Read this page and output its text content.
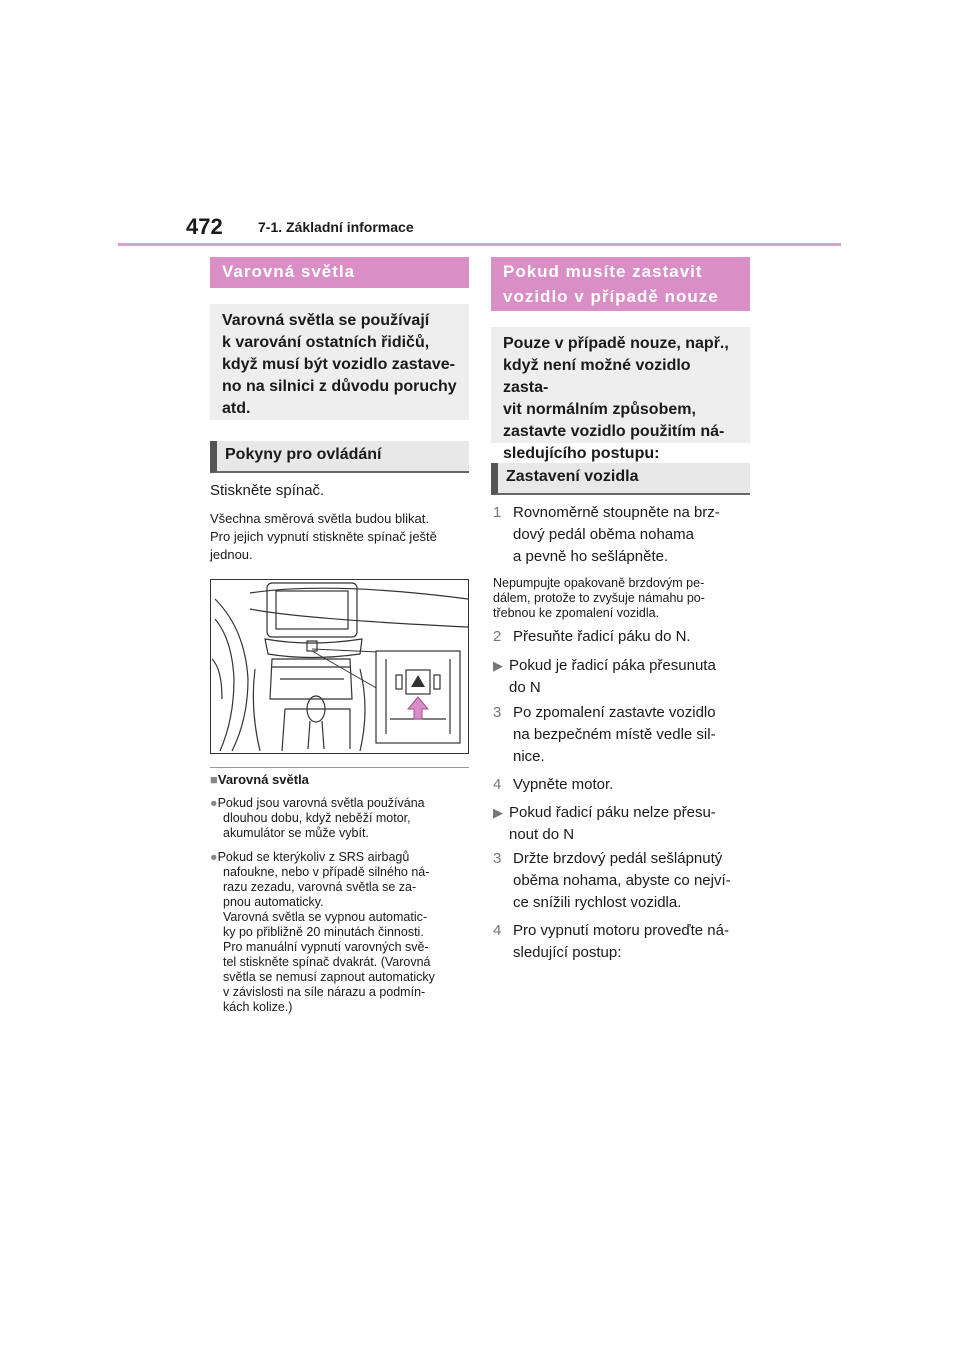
472	7-1. Základní informace
Varovná světla
Varovná světla se používají
k varování ostatních řidičů,
když musí být vozidlo zastave-
no na silnici z důvodu poruchy
atd.
Pokyny pro ovládání
Stiskněte spínač.
Všechna směrová světla budou blikat.
Pro jejich vypnutí stiskněte spínač ještě
jednou.
■Varovná světla
●Pokud jsou varovná světla používána
dlouhou dobu, když neběží motor,
akumulátor se může vybít.
●Pokud se kterýkoliv z SRS airbagů
nafoukne, nebo v případě silného ná-
razu zezadu, varovná světla se za-
pnou automaticky.
Varovná světla se vypnou automatic-
ky po přibližně 20 minutách činnosti.
Pro manuální vypnutí varovných svě-
tel stiskněte spínač dvakrát. (Varovná
světla se nemusí zapnout automaticky
v závislosti na síle nárazu a podmín-
kách kolize.)
Pokud musíte zastavit
vozidlo v případě nouze
Pouze v případě nouze, např.,
když není možné vozidlo zasta-
vit normálním způsobem,
zastavte vozidlo použitím ná-
sledujícího postupu:
Zastavení vozidla
1 Rovnoměrně stoupněte na brz-
dový pedál oběma nohama
a pevně ho sešlápněte.
Nepumpujte opakovaně brzdovým pe-
dálem, protože to zvyšuje námahu po-
třebnou ke zpomalení vozidla.
2 Přesuňte řadicí páku do N.
▶ Pokud je řadicí páka přesunuta
do N
3 Po zpomalení zastavte vozidlo
na bezpečném místě vedle sil-
nice.
4 Vypněte motor.
▶ Pokud řadicí páku nelze přesu-
nout do N
3 Držte brzdový pedál sešlápnutý
oběma nohama, abyste co nejví-
ce snížili rychlost vozidla.
4 Pro vypnutí motoru proveďte ná-
sledující postup:
